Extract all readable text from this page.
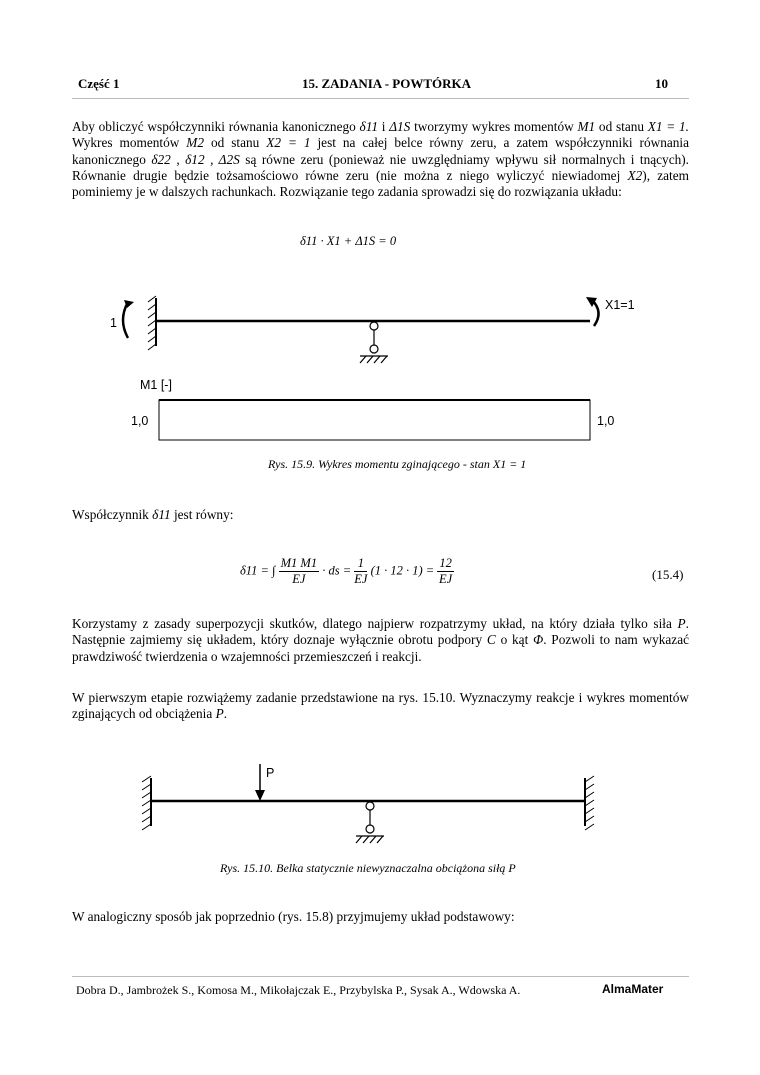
Część 1	15. ZADANIA - POWTÓRKA	10
Aby obliczyć współczynniki równania kanonicznego δ11 i Δ1S tworzymy wykres momentów M1 od stanu X1 = 1. Wykres momentów M2 od stanu X2 = 1 jest na całej belce równy zeru, a zatem współczynniki równania kanonicznego δ22 , δ12 , Δ2S są równe zeru (ponieważ nie uwzględniamy wpływu sił normalnych i tnących). Równanie drugie będzie tożsamościowo równe zeru (nie można z niego wyliczyć niewiadomej X2), zatem pominiemy je w dalszych rachunkach. Rozwiązanie tego zadania sprowadzi się do rozwiązania układu:
δ11 · X1 + Δ1S = 0
1
X1=1
M1 [-]
1,0	1,0
Rys. 15.9. Wykres momentu zginającego - stan X1 = 1
Współczynnik δ11 jest równy:
δ11 = ∫ $\frac{M1 M1}{EJ}$ · ds = $\frac{1}{EJ} (1 \cdot 12 \cdot 1) = \frac{12}{EJ}$	(15.4)
Korzystamy z zasady superpozycji skutków, dlatego najpierw rozpatrzymy układ, na który działa tylko siła P. Następnie zajmiemy się układem, który doznaje wyłącznie obrotu podpory C o kąt Φ. Pozwoli to nam wykazać prawdziwość twierdzenia o wzajemności przemieszczeń i reakcji.
W pierwszym etapie rozwiążemy zadanie przedstawione na rys. 15.10. Wyznaczymy reakcje i wykres momentów zginających od obciążenia P.
P
Rys. 15.10. Belka statycznie niewyznaczalna obciążona siłą P
W analogiczny sposób jak poprzednio (rys. 15.8) przyjmujemy układ podstawowy:
Dobra D., Jambrożek S., Komosa M., Mikołajczak E., Przybylska P., Sysak A., Wdowska A.	AlmaMater
